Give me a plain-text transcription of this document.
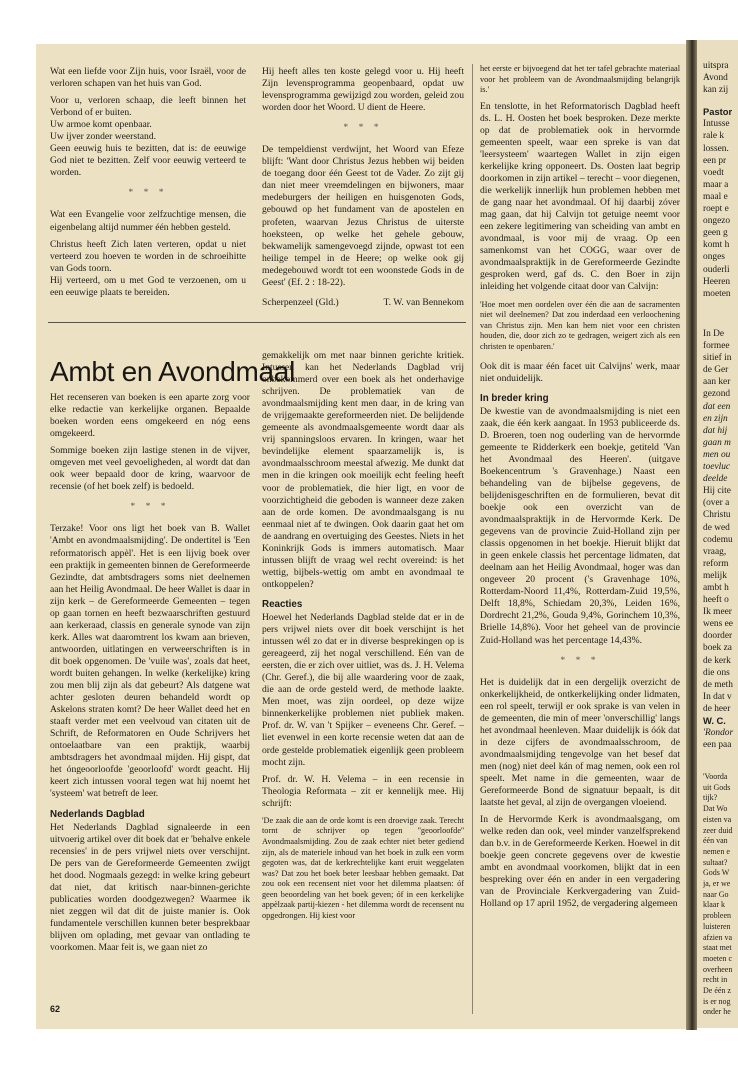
Wat een liefde voor Zijn huis, voor Israël, voor de verloren schapen van het huis van God.

Voor u, verloren schaap, die leeft binnen het Verbond of er buiten.

Uw armoe komt openbaar.

Uw ijver zonder weerstand.

Geen eeuwig huis te bezitten, dat is: de eeuwige God niet te bezitten. Zelf voor eeuwig verteerd te worden.

* * *

Wat een Evangelie voor zelfzuchtige mensen, die eigenbelang altijd nummer één hebben gesteld.

Christus heeft Zich laten verteren, opdat u niet verteerd zou hoeven te worden in de schroeihitte van Gods toorn.

Hij verteerd, om u met God te verzoenen, om u een eeuwige plaats te bereiden.

Hij heeft alles ten koste gelegd voor u. Hij heeft Zijn levensprogramma geopenbaard, opdat uw levensprogramma gewijzigd zou worden, geleid zou worden door het Woord. U dient de Heere.

* * *

De tempeldienst verdwijnt, het Woord van Efeze blijft: 'Want door Christus Jezus hebben wij beiden de toegang door één Geest tot de Vader. Zo zijt gij dan niet meer vreemdelingen en bijwoners, maar medeburgers der heiligen en huisgenoten Gods, gebouwd op het fundament van de apostelen en profeten, waarvan Jezus Christus de uiterste hoeksteen, op welke het gehele gebouw, bekwamelijk samengevoegd zijnde, opwast tot een heilige tempel in de Heere; op welke ook gij medegebouwd wordt tot een woonstede Gods in de Geest' (Ef. 2 : 18-22).

Scherpenzeel (Gld.)	T. W. van Bennekom
Ambt en Avondmaal

Het recenseren van boeken is een aparte zorg voor elke redactie van kerkelijke organen. Bepaalde boeken worden eens omgekeerd en nóg eens omgekeerd.

Sommige boeken zijn lastige stenen in de vijver, omgeven met veel gevoeligheden, al wordt dat dan ook weer bepaald door de kring, waarvoor de recensie (of het boek zelf) is bedoeld.

* * *

Terzake! Voor ons ligt het boek van B. Wallet 'Ambt en avondmaalsmijding'. De ondertitel is 'Een reformatorisch appèl'. Het is een lijvig boek over een praktijk in gemeenten binnen de Gereformeerde Gezindte, dat ambtsdragers soms niet deelnemen aan het Heilig Avondmaal. De heer Wallet is daar in zijn kerk – de Gereformeerde Gemeenten – tegen op gaan tornen en heeft bezwaarschriften gestuurd aan kerkeraad, classis en generale synode van zijn kerk. Alles wat daaromtrent los kwam aan brieven, antwoorden, uitlatingen en verweerschriften is in dit boek opgenomen. De 'vuile was', zoals dat heet, wordt buiten gehangen. In welke (kerkelijke) kring zou men blij zijn als dat gebeurt? Als datgene wat achter gesloten deuren behandeld wordt op Askelons straten komt? De heer Wallet deed het en staaft verder met een veelvoud van citaten uit de Schrift, de Reformatoren en Oude Schrijvers het ontoelaatbare van een praktijk, waarbij ambtsdragers het avondmaal mijden. Hij gispt, dat het óngeoorloofde 'geoorloofd' wordt geacht. Hij keert zich intussen vooral tegen wat hij noemt het 'systeem' wat betreft de leer.

Nederlands Dagblad

Het Nederlands Dagblad signaleerde in een uitvoerig artikel over dit boek dat er 'behalve enkele recensies' in de pers vrijwel niets over verschijnt. De pers van de Gereformeerde Gemeenten zwijgt het dood. Nogmaals gezegd: in welke kring gebeurt dat niet, dat kritisch naar-binnen-gerichte publicaties worden doodgezwegen? Waarmee ik niet zeggen wil dat dit de juiste manier is. Ook fundamentele verschillen kunnen beter besprekbaar blijven om oplading, met gevaar van ontlading te voorkomen. Maar feit is, we gaan niet zo

gemakkelijk om met naar binnen gerichte kritiek. Intussen kan het Nederlands Dagblad vrij onbekommerd over een boek als het onderhavige schrijven. De problematiek van de avondmaalsmijding kent men daar, in de kring van de vrijgemaakte gereformeerden niet. De belijdende gemeente als avondmaalsgemeente wordt daar als vrij spanningsloos ervaren. In kringen, waar het bevindelijke element spaarzamelijk is, is avondmaalsschroom meestal afwezig. Me dunkt dat men in die kringen ook moeilijk echt feeling heeft voor de problematiek, die hier ligt, en voor de voorzichtigheid die geboden is wanneer deze zaken aan de orde komen. De avondmaalsgang is nu eenmaal niet af te dwingen. Ook daarin gaat het om de aandrang en overtuiging des Geestes. Niets in het Koninkrijk Gods is immers automatisch. Maar intussen blijft de vraag wel recht overeind: is het wettig, bijbels-wettig om ambt en avondmaal te ontkoppelen?

Reacties

Hoewel het Nederlands Dagblad stelde dat er in de pers vrijwel niets over dit boek verschijnt is het intussen wél zo dat er in diverse besprekingen op is gereageerd, zij het nogal verschillend. Eén van de eersten, die er zich over uitliet, was ds. J. H. Velema (Chr. Geref.), die bij alle waardering voor de zaak, die aan de orde gesteld werd, de methode laakte. Men moet, was zijn oordeel, op deze wijze binnenkerkelijke problemen niet publiek maken. Prof. dr. W. van 't Spijker – eveneens Chr. Geref. – liet evenwel in een korte recensie weten dat aan de orde gestelde problematiek eigenlijk geen probleem mocht zijn.

Prof. dr. W. H. Velema – in een recensie in Theologia Reformata – zit er kennelijk mee. Hij schrijft:

'De zaak die aan de orde komt is een droevige zaak. Terecht tornt de schrijver op tegen ''geoorloofde'' Avondmaalsmijding. Zou de zaak echter niet beter gediend zijn, als de materiele inhoud van het boek in zulk een vorm gegoten was, dat de kerkrechtelijke kant eruit weggelaten was? Dat zou het boek beter leesbaar hebben gemaakt. Dat zou ook een recensent niet voor het dilemma plaatsen: óf geen beoordeling van het boek geven; óf in een kerkelijke appèlzaak partij-kiezen - het dilemma wordt de recensent nu opgedrongen. Hij kiest voor

het eerste er bijvoegend dat het ter tafel gebrachte materiaal voor het probleem van de Avondmaalsmijding belangrijk is.'

En tenslotte, in het Reformatorisch Dagblad heeft ds. L. H. Oosten het boek besproken. Deze merkte op dat de problematiek ook in hervormde gemeenten speelt, waar een spreke is van dat 'leersysteem' waartegen Wallet in zijn eigen kerkelijke kring opponeert. Ds. Oosten laat begrip doorkomen in zijn artikel – terecht – voor diegenen, die werkelijk innerlijk hun problemen hebben met de gang naar het avondmaal. Of hij daarbij zóver mag gaan, dat hij Calvijn tot getuige neemt voor een zekere legitimering van scheiding van ambt en avondmaal, is voor mij de vraag. Op een samenkomst van het COGG, waar over de avondmaalspraktijk in de Gereformeerde Gezindte gesproken werd, gaf ds. C. den Boer in zijn inleiding het volgende citaat door van Calvijn:

'Hoe moet men oordelen over één die aan de sacramenten niet wil deelnemen? Dat zou inderdaad een verloochening van Christus zijn. Men kan hem niet voor een christen houden, die, door zich zo te gedragen, weigert zich als een christen te openbaren.'

Ook dit is maar één facet uit Calvijns' werk, maar niet onduidelijk.

In breder kring

De kwestie van de avondmaalsmijding is niet een zaak, die één kerk aangaat. In 1953 publiceerde ds. D. Broeren, toen nog ouderling van de hervormde gemeente te Ridderkerk een boekje, getiteld 'Van het Avondmaal des Heeren'. (uitgave Boekencentrum 's Gravenhage.) Naast een behandeling van de bijbelse gegevens, de belijdenisgeschriften en de formulieren, bevat dit boekje ook een overzicht van de avondmaalspraktijk in de Hervormde Kerk. De gegevens van de provincie Zuid-Holland zijn per classis opgenomen in het boekje. Hieruit blijkt dat in geen enkele classis het percentage lidmaten, dat deelnam aan het Heilig Avondmaal, hoger was dan ongeveer 20 procent ('s Gravenhage 10%, Rotterdam-Noord 11,4%, Rotterdam-Zuid 19,5%, Delft 18,8%, Schiedam 20,3%, Leiden 16%, Dordrecht 21,2%, Gouda 9,4%, Gorinchem 10,3%, Brielle 14,8%). Voor het geheel van de provincie Zuid-Holland was het percentage 14,43%.

* * *

Het is duidelijk dat in een dergelijk overzicht de onkerkelijkheid, de ontkerkelijking onder lidmaten, een rol speelt, terwijl er ook sprake is van velen in de gemeenten, die min of meer 'onverschillig' langs het avondmaal heenleven. Maar duidelijk is óók dat in deze cijfers de avondmaalsschroom, de avondmaalsmijding tengevolge van het besef dat men (nog) niet deel kán of mag nemen, ook een rol speelt. Met name in die gemeenten, waar de Gereformeerde Bond de signatuur bepaalt, is dit laatste het geval, al zijn de overgangen vloeiend.

In de Hervormde Kerk is avondmaalsgang, om welke reden dan ook, veel minder vanzelfsprekend dan b.v. in de Gereformeerde Kerken. Hoewel in dit boekje geen concrete gegevens over de kwestie ambt en avondmaal voorkomen, blijkt dat in een bespreking over één en ander in een vergadering van de Provinciale Kerkvergadering van Zuid-Holland op 17 april 1952, de vergadering algemeen

62
uitspra
Avond
kan zij
Pastor
Intusse
rale k
lossen.
een pr
voedt
maar a
maal e
roept e
ongezo
geen g
komt h
onges
ouderli
Heeren
moeten
In De
formee
sitief in
de Ger
aan ker
gezond
dat een
en zijn
dat hij
gaan m
men ou
toevluc
deelde
Hij cite
(over a
Christu
de wed
codemu
vraag,
reform
melijk
ambt h
heeft o
Ik meer
wens ee
doorder
boek za
de kerk
die ons
de meth
In dat v
de heer
W. C.
'Rondor
een paa
'Voorda
uit Gods
tijk?
Dat Wo
eisten va
zeer duid
één van
nemen e
sultaat?
Gods W
ja, er we
naar Go
klaar k
probleen
luisteren
afzien va
staat met
moeten c
overheen
recht in
De één z
is er nog
onder he
